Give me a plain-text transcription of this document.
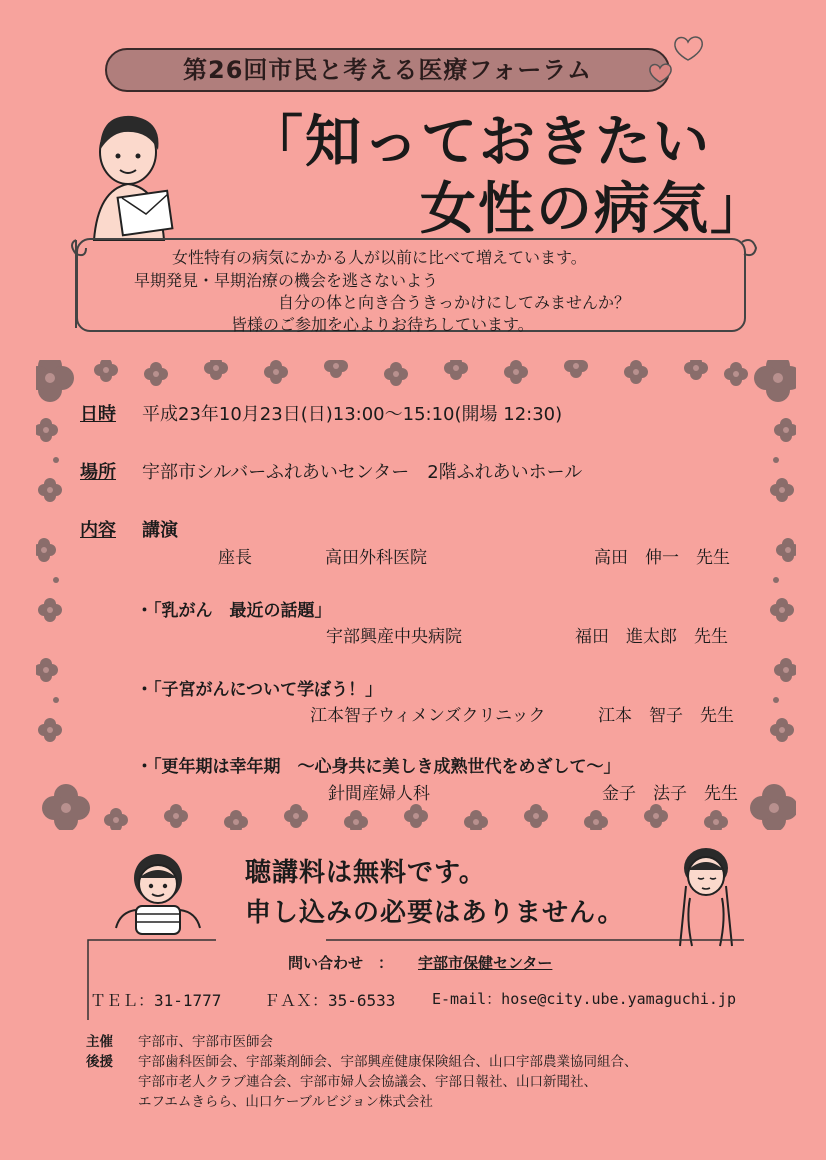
第26回市民と考える医療フォーラム
「知っておきたい
女性の病気」
女性特有の病気にかかる人が以前に比べて増えています。
早期発見・早期治療の機会を逃さないよう
自分の体と向き合うきっかけにしてみませんか？
皆様のご参加を心よりお待ちしています。
日時 平成23年10月23日(日)13:00〜15:10(開場 12:30)
場所 宇部市シルバーふれあいセンター　2階ふれあいホール
内容 講演
座長	高田外科医院	高田　伸一　先生
・「乳がん　最近の話題」
宇部興産中央病院	福田　進太郎　先生
・「子宮がんについて学ぼう！」
江本智子ウィメンズクリニック	江本　智子　先生
・「更年期は幸年期　〜心身共に美しき成熟世代をめざして〜」
針間産婦人科	金子　法子　先生
聴講料は無料です。
申し込みの必要はありません。
問い合わせ　： 宇部市保健センター
ＴＥＬ：31-1777	ＦＡＸ：35-6533 E-mail：hose@city.ube.yamaguchi.jp
主催 宇部市、宇部市医師会
後援 宇部歯科医師会、宇部薬剤師会、宇部興産健康保険組合、山口宇部農業協同組合、
宇部市老人クラブ連合会、宇部市婦人会協議会、宇部日報社、山口新聞社、
エフエムきらら、山口ケーブルビジョン株式会社
